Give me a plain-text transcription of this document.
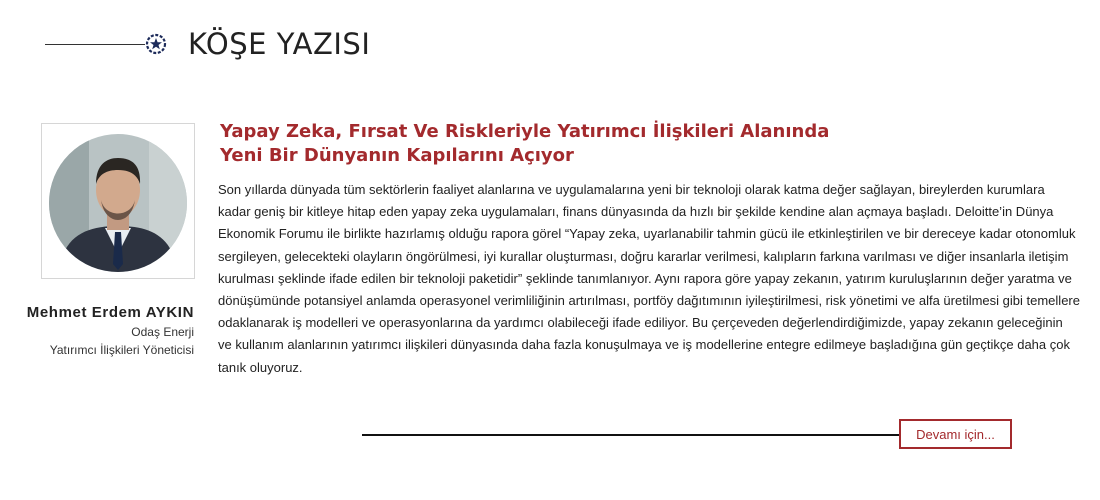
KÖŞE YAZISI
Mehmet Erdem AYKIN
Odaş Enerji
Yatırımcı İlişkileri Yöneticisi
Yapay Zeka, Fırsat Ve Riskleriyle Yatırımcı İlişkileri Alanında
Yeni Bir Dünyanın Kapılarını Açıyor
Son yıllarda dünyada tüm sektörlerin faaliyet alanlarına ve uygulamalarına yeni bir teknoloji olarak katma değer sağlayan, bireylerden kurumlara kadar geniş bir kitleye hitap eden yapay zeka uygulamaları, finans dünyasında da hızlı bir şekilde kendine alan açmaya başladı. Deloitte’in Dünya Ekonomik Forumu ile birlikte hazırlamış olduğu rapora görel “Yapay zeka, uyarlanabilir tahmin gücü ile etkinleştirilen ve bir dereceye kadar otonomluk sergileyen, gelecekteki olayların öngörülmesi, iyi kurallar oluşturması, doğru kararlar verilmesi, kalıpların farkına varılması ve diğer insanlarla iletişim kurulması şeklinde ifade edilen bir teknoloji paketidir” şeklinde tanımlanıyor. Aynı rapora göre yapay zekanın, yatırım kuruluşlarının değer yaratma ve dönüşümünde potansiyel anlamda operasyonel verimliliğinin artırılması, portföy dağıtımının iyileştirilmesi, risk yönetimi ve alfa üretilmesi gibi temellere odaklanarak iş modelleri ve operasyonlarına da yardımcı olabileceği ifade ediliyor. Bu çerçeveden değerlendirdiğimizde, yapay zekanın geleceğinin ve kullanım alanlarının yatırımcı ilişkileri dünyasında daha fazla konuşulmaya ve iş modellerine entegre edilmeye başladığına gün geçtikçe daha çok tanık oluyoruz.
Devamı için...
